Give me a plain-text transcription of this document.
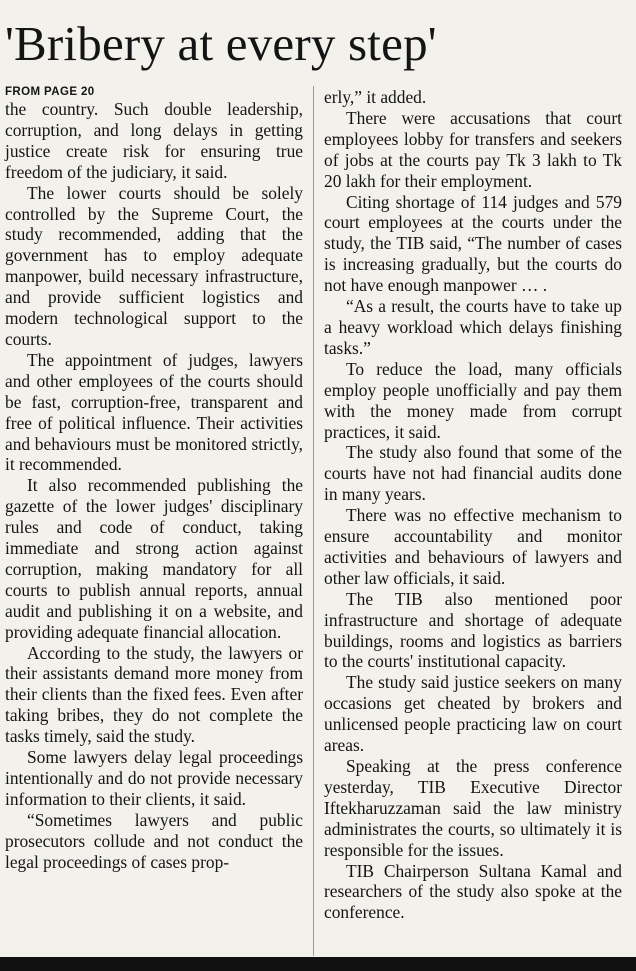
'Bribery at every step'
FROM PAGE 20

the country. Such double leadership, corruption, and long delays in getting justice create risk for ensuring true freedom of the judiciary, it said.

The lower courts should be solely controlled by the Supreme Court, the study recommended, adding that the government has to employ adequate manpower, build necessary infrastructure, and provide sufficient logistics and modern technological support to the courts.

The appointment of judges, lawyers and other employees of the courts should be fast, corruption-free, transparent and free of political influence. Their activities and behaviours must be monitored strictly, it recommended.

It also recommended publishing the gazette of the lower judges' disciplinary rules and code of conduct, taking immediate and strong action against corruption, making mandatory for all courts to publish annual reports, annual audit and publishing it on a website, and providing adequate financial allocation.

According to the study, the lawyers or their assistants demand more money from their clients than the fixed fees. Even after taking bribes, they do not complete the tasks timely, said the study.

Some lawyers delay legal proceedings intentionally and do not provide necessary information to their clients, it said.

“Sometimes lawyers and public prosecutors collude and not conduct the legal proceedings of cases prop-

erly,” it added.

There were accusations that court employees lobby for transfers and seekers of jobs at the courts pay Tk 3 lakh to Tk 20 lakh for their employment.

Citing shortage of 114 judges and 579 court employees at the courts under the study, the TIB said, “The number of cases is increasing gradually, but the courts do not have enough manpower … .

“As a result, the courts have to take up a heavy workload which delays finishing tasks.”

To reduce the load, many officials employ people unofficially and pay them with the money made from corrupt practices, it said.

The study also found that some of the courts have not had financial audits done in many years.

There was no effective mechanism to ensure accountability and monitor activities and behaviours of lawyers and other law officials, it said.

The TIB also mentioned poor infrastructure and shortage of adequate buildings, rooms and logistics as barriers to the courts' institutional capacity.

The study said justice seekers on many occasions get cheated by brokers and unlicensed people practicing law on court areas.

Speaking at the press conference yesterday, TIB Executive Director Iftekharuzzaman said the law ministry administrates the courts, so ultimately it is responsible for the issues.

TIB Chairperson Sultana Kamal and researchers of the study also spoke at the conference.
